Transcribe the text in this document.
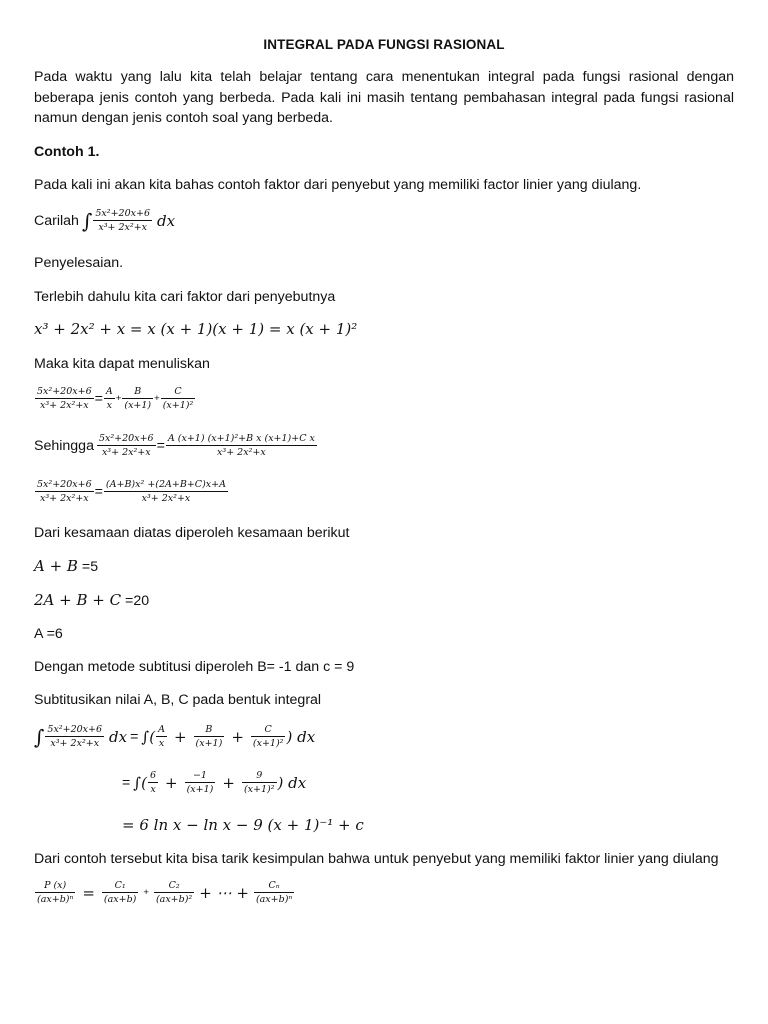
INTEGRAL PADA FUNGSI RASIONAL
Pada waktu yang lalu kita telah belajar tentang cara menentukan integral pada fungsi rasional dengan beberapa jenis contoh yang berbeda. Pada kali ini masih tentang pembahasan integral pada fungsi rasional namun dengan jenis contoh soal yang berbeda.
Contoh 1.
Pada kali ini akan kita bahas contoh faktor dari penyebut yang memiliki factor linier yang diulang.
Carilah ∫ $\frac{\text{5x²+20x+6}}{\text{x³+ 2x²+x}}$ dx
Penyelesaian.
Terlebih dahulu kita cari faktor dari penyebutnya
x³ + 2x² + x = x (x + 1)(x + 1) = x (x + 1)²
Maka kita dapat menuliskan
$\frac{\text{5x²+20x+6}}{\text{x³+ 2x²+x}} = \frac{A}{x} + \frac{B}{(x+1)} + \frac{C}{\text{(x+1)²}}$
Sehingga $\frac{\text{5x²+20x+6}}{\text{x³+ 2x²+x}} = \frac{\text{A (x+1) (x+1)²+B x (x+1)+C x}}{\text{x³+ 2x²+x}}$
$\frac{\text{5x²+20x+6}}{\text{x³+ 2x²+x}} = \frac{\text{(A+B)x² +(2A+B+C)x+A}}{\text{x³+ 2x²+x}}$
Dari kesamaan diatas diperoleh kesamaan berikut
A + B =5
2A + B + C =20
A =6
Dengan metode subtitusi diperoleh B= -1 dan c = 9
Subtitusikan nilai A, B, C pada bentuk integral
∫ $\frac{\text{5x²+20x+6}}{\text{x³+ 2x²+x}}$ dx = ∫( $\frac{A}{x} + \frac{B}{(x+1)} + \frac{C}{\text{(x+1)²}}$ ) dx
= ∫( $\frac{6}{x} + \frac{-1}{(x+1)} + \frac{9}{\text{(x+1)²}}$ ) dx
= 6 ln x − ln x − 9 (x + 1)⁻¹ + c
Dari contoh tersebut kita bisa tarik kesimpulan bahwa untuk penyebut yang memiliki faktor linier yang diulang
$\frac{P (x)}{\text{(ax+b)ⁿ}} = \frac{\text{C₁}}{(ax+b)} + \frac{\text{C₂}}{\text{(ax+b)²}}$ + ⋯ + $\frac{\text{Cₙ}}{\text{(ax+b)ⁿ}}$
